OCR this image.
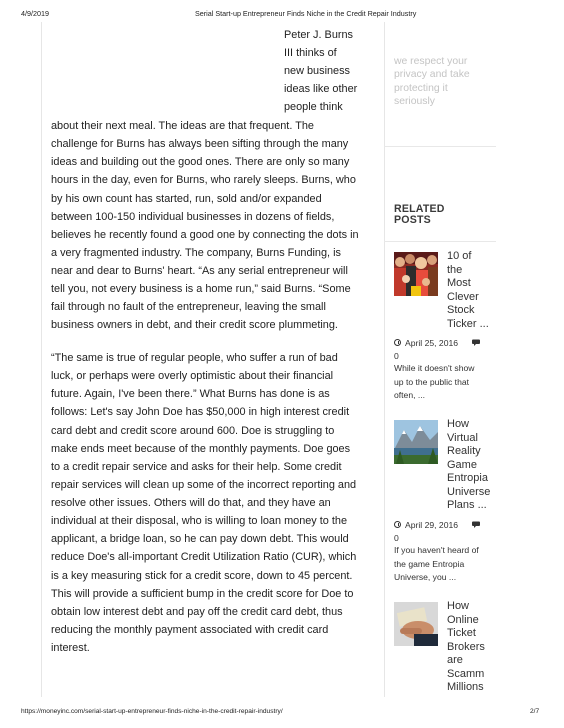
4/9/2019	Serial Start-up Entrepreneur Finds Niche in the Credit Repair Industry
Peter J. Burns
III thinks of
new business
ideas like other
people think

about their next meal. The ideas are that frequent. The challenge for Burns has always been sifting through the many ideas and building out the good ones. There are only so many hours in the day, even for Burns, who rarely sleeps. Burns, who by his own count has started, run, sold and/or expanded between 100-150 individual businesses in dozens of fields, believes he recently found a good one by connecting the dots in a very fragmented industry. The company, Burns Funding, is near and dear to Burns' heart. “As any serial entrepreneur will tell you, not every business is a home run,” said Burns. “Some fail through no fault of the entrepreneur, leaving the small business owners in debt, and their credit score plummeting.

“The same is true of regular people, who suffer a run of bad luck, or perhaps were overly optimistic about their financial future. Again, I've been there.” What Burns has done is as follows: Let's say John Doe has $50,000 in high interest credit card debt and credit score around 600. Doe is struggling to make ends meet because of the monthly payments. Doe goes to a credit repair service and asks for their help. Some credit repair services will clean up some of the incorrect reporting and resolve other issues. Others will do that, and they have an individual at their disposal, who is willing to loan money to the applicant, a bridge loan, so he can pay down debt. This would reduce Doe's all-important Credit Utilization Ratio (CUR), which is a key measuring stick for a credit score, down to 45 percent. This will provide a sufficient bump in the credit score for Doe to obtain low interest debt and pay off the credit card debt, thus reducing the monthly payment associated with credit card interest.

we respect your privacy and take protecting it seriously
RELATED POSTS
10 of
the
Most
Clever
Stock
Ticker ...
April 25, 2016
0
While it doesn't show up to the public that often, ...
How
Virtual
Reality
Game
Entropia
Universe
Plans ...
April 29, 2016
0
If you haven't heard of the game Entropia Universe, you ...
How
Online
Ticket
Brokers
are
Scamm
Millions
https://moneyinc.com/serial-start-up-entrepreneur-finds-niche-in-the-credit-repair-industry/	2/7
